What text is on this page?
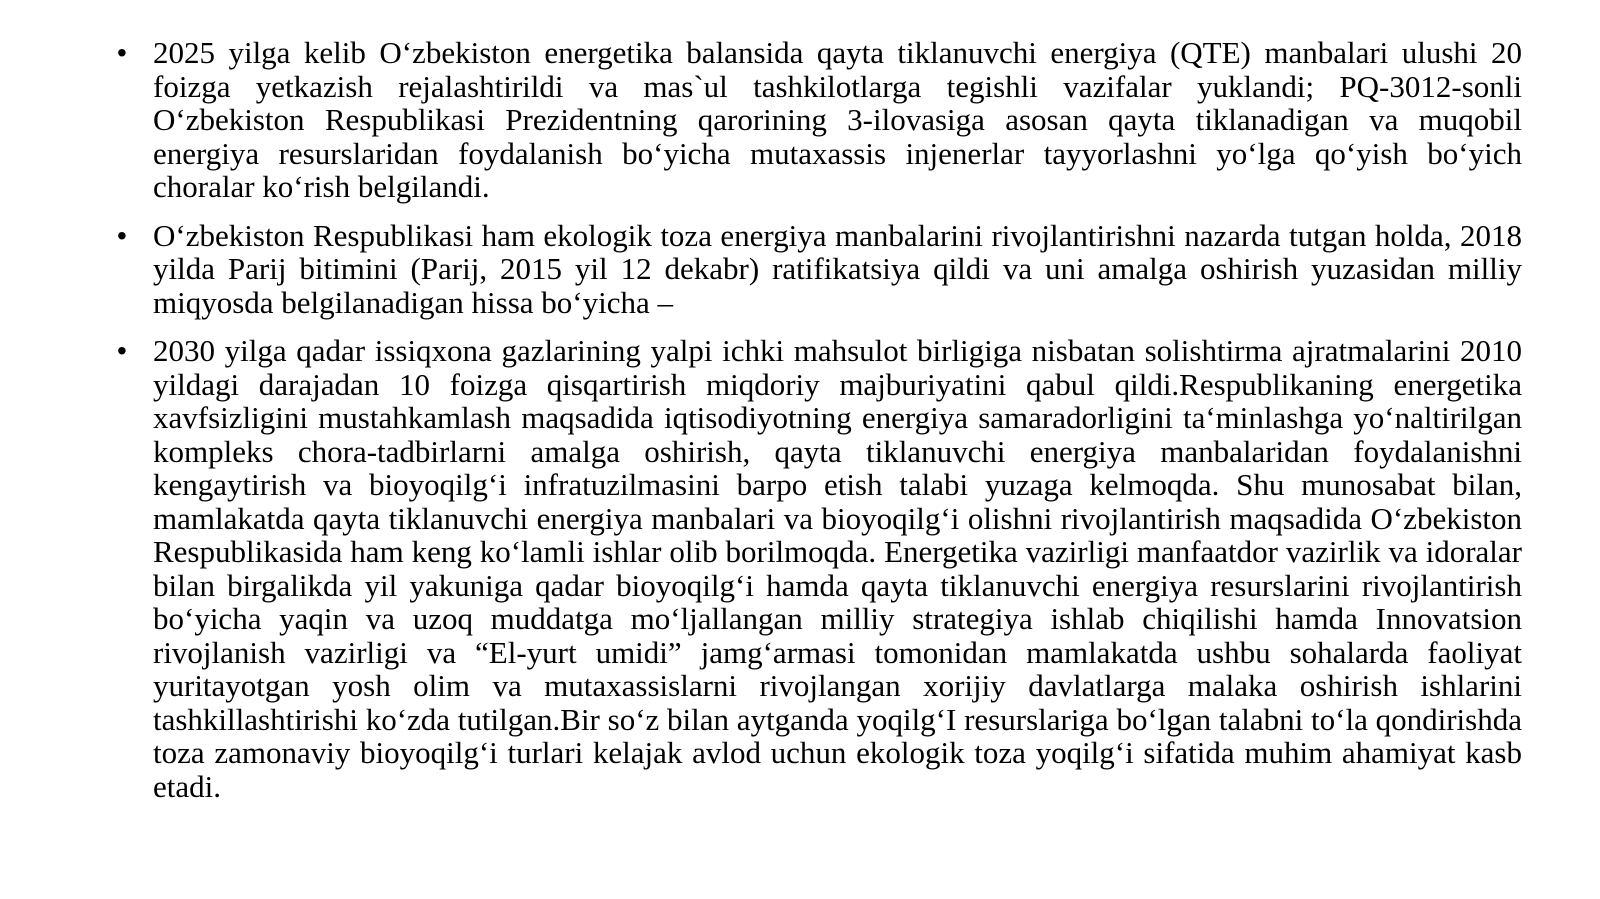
• 2025 yilga kelib O‘zbekiston energetika balansida qayta tiklanuvchi energiya (QTE) manbalari ulushi 20 foizga yetkazish rejalashtirildi va mas`ul tashkilotlarga tegishli vazifalar yuklandi; PQ-3012-sonli O‘zbekiston Respublikasi Prezidentning qarorining 3-ilovasiga asosan qayta tiklanadigan va muqobil energiya resurslaridan foydalanish bo‘yicha mutaxassis injenerlar tayyorlashni yo‘lga qo‘yish bo‘yich choralar ko‘rish belgilandi.
• O‘zbekiston Respublikasi ham ekologik toza energiya manbalarini rivojlantirishni nazarda tutgan holda, 2018 yilda Parij bitimini (Parij, 2015 yil 12 dekabr) ratifikatsiya qildi va uni amalga oshirish yuzasidan milliy miqyosda belgilanadigan hissa bo‘yicha –
• 2030 yilga qadar issiqxona gazlarining yalpi ichki mahsulot birligiga nisbatan solishtirma ajratmalarini 2010 yildagi darajadan 10 foizga qisqartirish miqdoriy majburiyatini qabul qildi.Respublikaning energetika xavfsizligini mustahkamlash maqsadida iqtisodiyotning energiya samaradorligini ta‘minlashga yo‘naltirilgan kompleks chora-tadbirlarni amalga oshirish, qayta tiklanuvchi energiya manbalaridan foydalanishni kengaytirish va bioyoqilg‘i infratuzilmasini barpo etish talabi yuzaga kelmoqda. Shu munosabat bilan, mamlakatda qayta tiklanuvchi energiya manbalari va bioyoqilg‘i olishni rivojlantirish maqsadida O‘zbekiston Respublikasida ham keng ko‘lamli ishlar olib borilmoqda. Energetika vazirligi manfaatdor vazirlik va idoralar bilan birgalikda yil yakuniga qadar bioyoqilg‘i hamda qayta tiklanuvchi energiya resurslarini rivojlantirish bo‘yicha yaqin va uzoq muddatga mo‘ljallangan milliy strategiya ishlab chiqilishi hamda Innovatsion rivojlanish vazirligi va “El-yurt umidi” jamg‘armasi tomonidan mamlakatda ushbu sohalarda faoliyat yuritayotgan yosh olim va mutaxassislarni rivojlangan xorijiy davlatlarga malaka oshirish ishlarini tashkillashtirishi ko‘zda tutilgan.Bir so‘z bilan aytganda yoqilg‘I resurslariga bo‘lgan talabni to‘la qondirishda toza zamonaviy bioyoqilg‘i turlari kelajak avlod uchun ekologik toza yoqilg‘i sifatida muhim ahamiyat kasb etadi.
